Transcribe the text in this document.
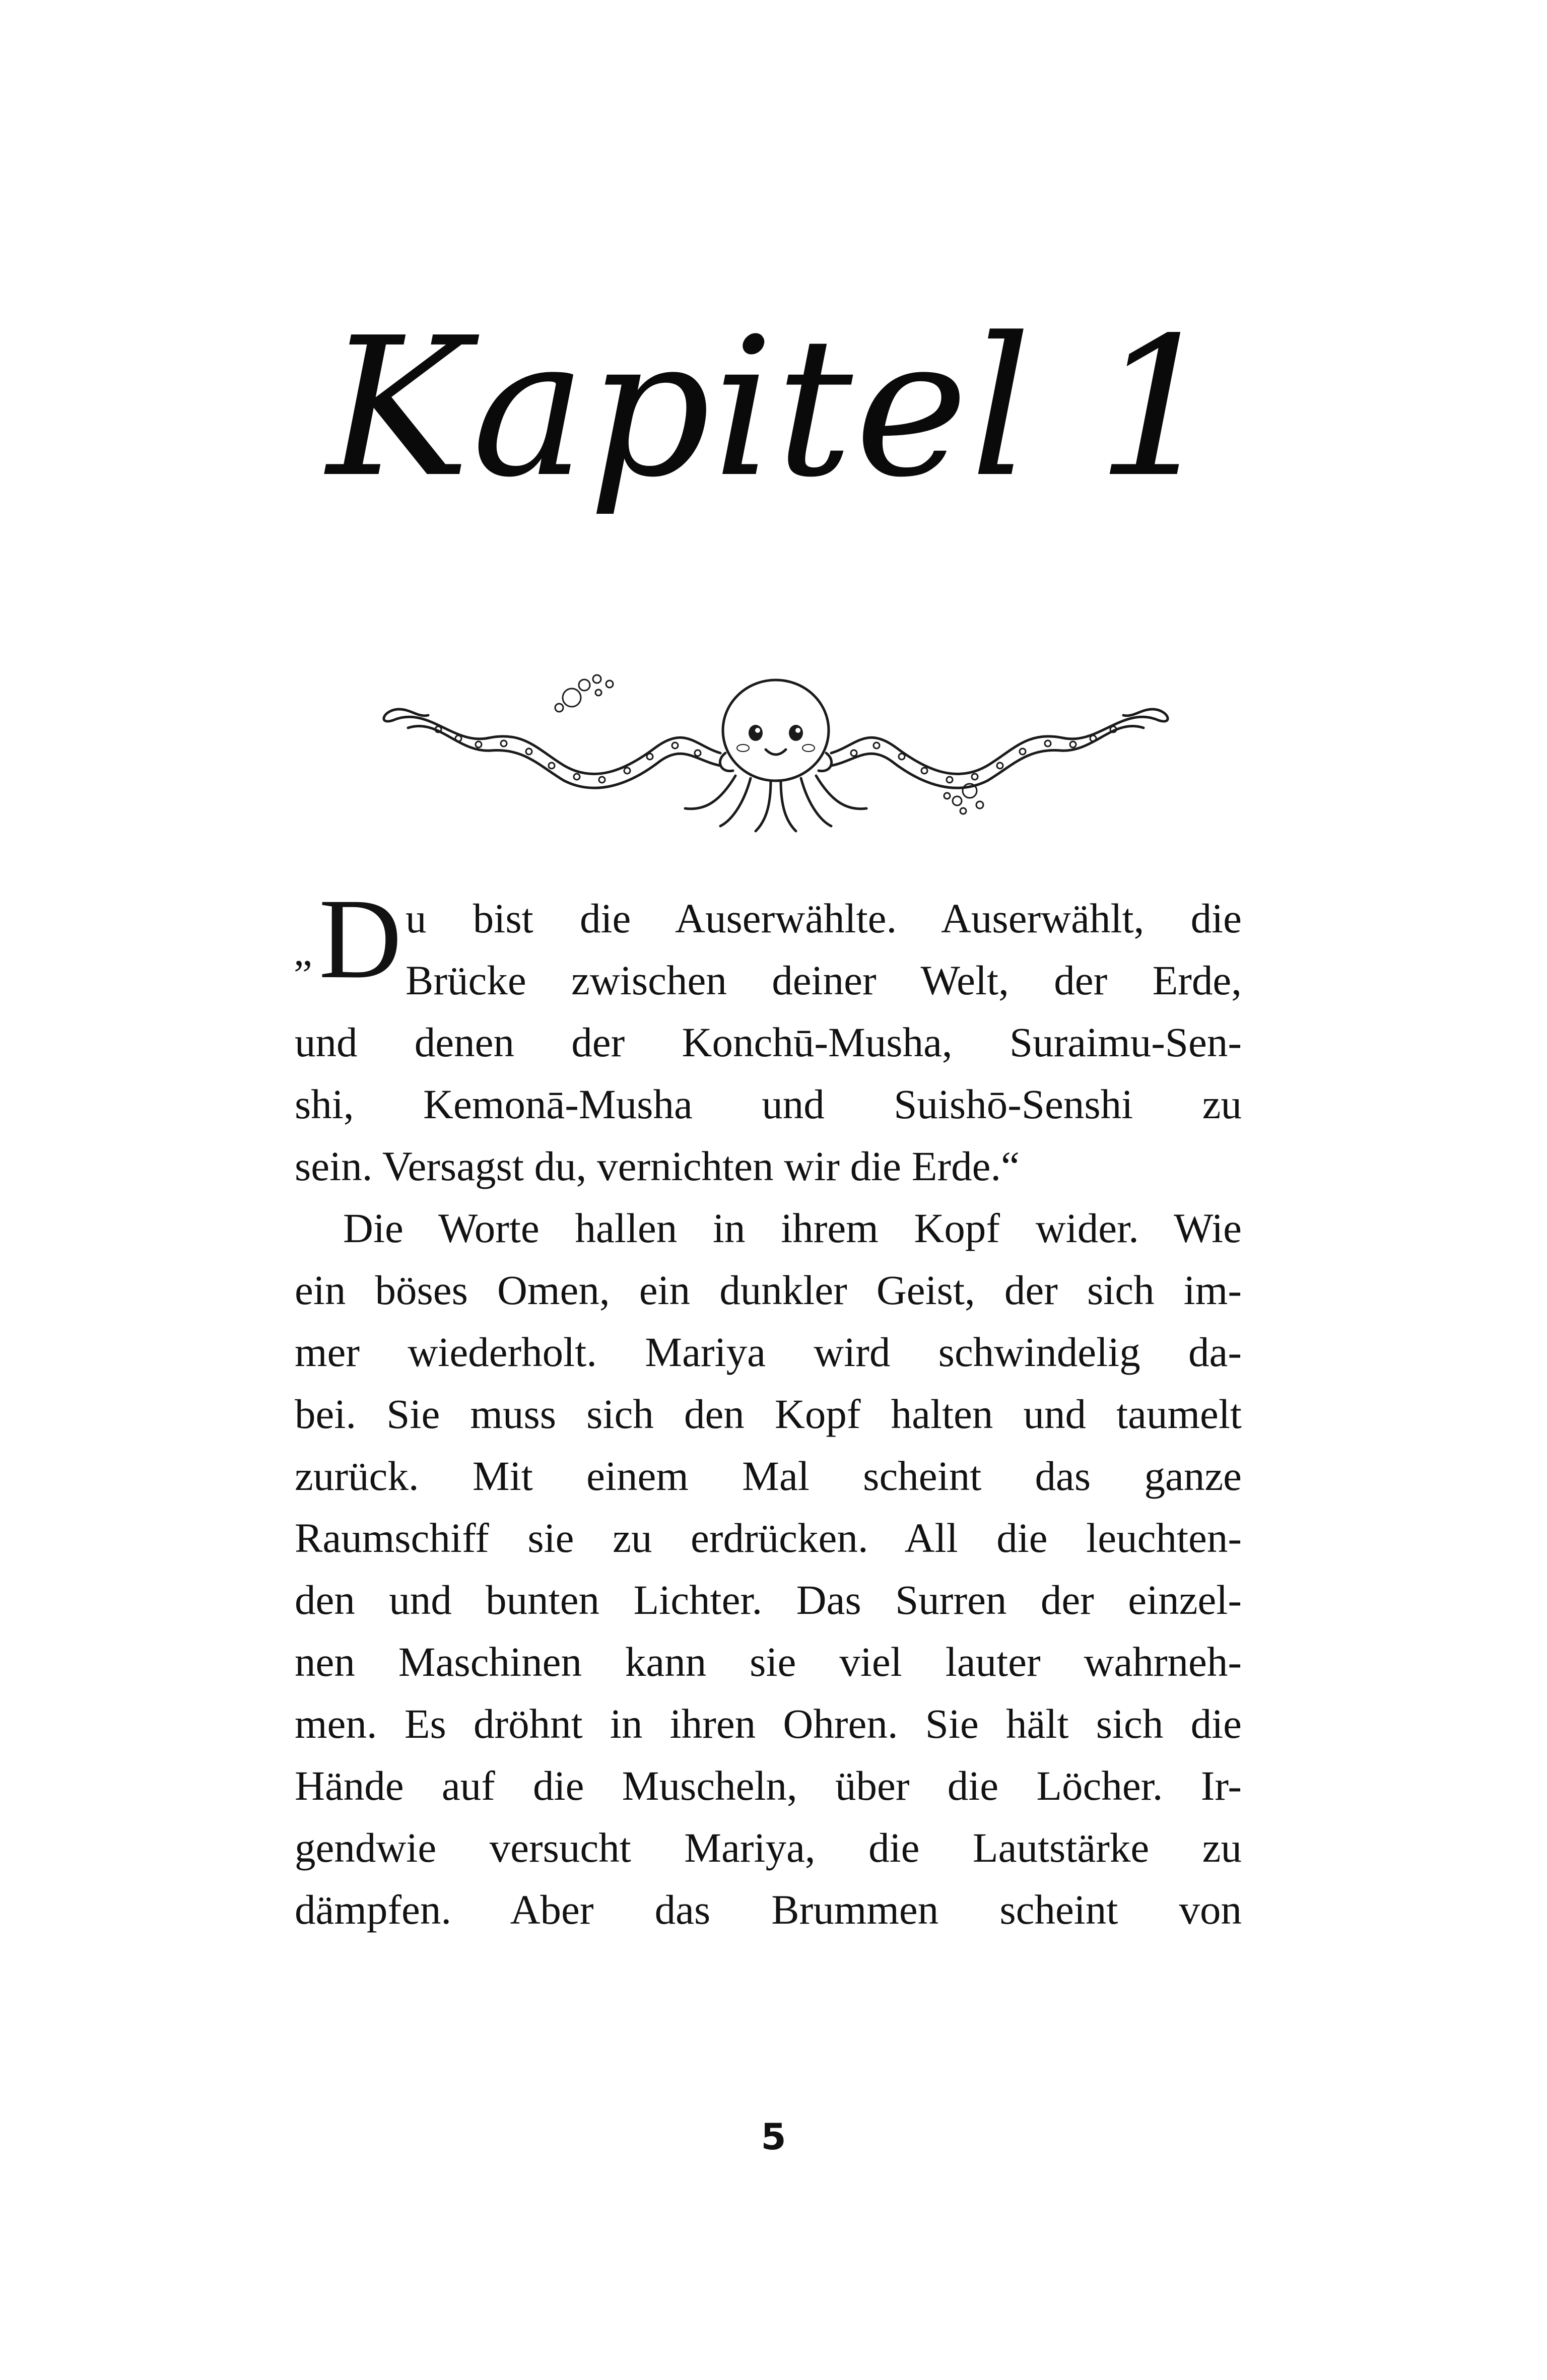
Kapitel 1
„ D u bist die Auserwählte. Auserwählt, die
Brücke zwischen deiner Welt, der Erde,
und denen der Konchū-Musha, Suraimu-Sen-
shi, Kemonā-Musha und Suishō-Senshi zu
sein. Versagst du, vernichten wir die Erde.“
Die Worte hallen in ihrem Kopf wider. Wie
ein böses Omen, ein dunkler Geist, der sich im-
mer wiederholt. Mariya wird schwindelig da-
bei. Sie muss sich den Kopf halten und taumelt
zurück. Mit einem Mal scheint das ganze
Raumschiff sie zu erdrücken. All die leuchten-
den und bunten Lichter. Das Surren der einzel-
nen Maschinen kann sie viel lauter wahrneh-
men. Es dröhnt in ihren Ohren. Sie hält sich die
Hände auf die Muscheln, über die Löcher. Ir-
gendwie versucht Mariya, die Lautstärke zu
dämpfen. Aber das Brummen scheint von
5
